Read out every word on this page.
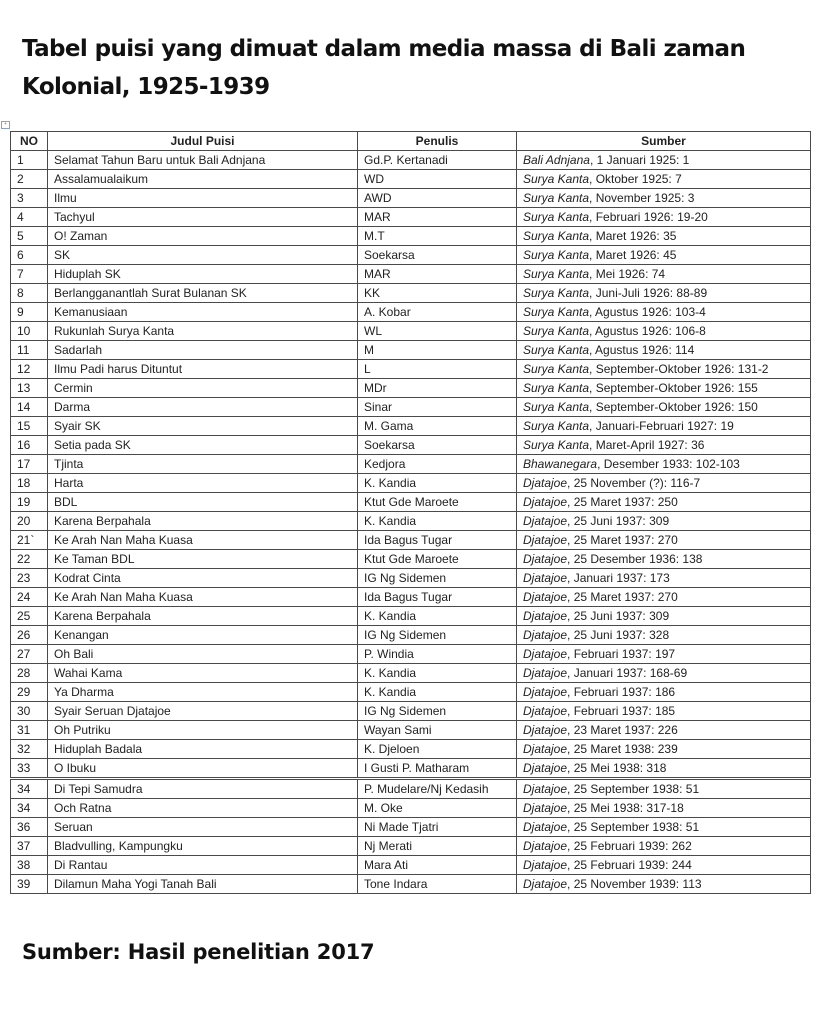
Tabel puisi yang dimuat dalam media massa di Bali zaman Kolonial, 1925-1939
+
NO	Judul Puisi	Penulis	Sumber
1	Selamat Tahun Baru untuk Bali Adnjana	Gd.P. Kertanadi	Bali Adnjana, 1 Januari 1925: 1
2	Assalamualaikum	WD	Surya Kanta, Oktober 1925: 7
3	Ilmu	AWD	Surya Kanta, November 1925: 3
4	Tachyul	MAR	Surya Kanta, Februari 1926: 19-20
5	O! Zaman	M.T	Surya Kanta, Maret 1926: 35
6	SK	Soekarsa	Surya Kanta, Maret 1926: 45
7	Hiduplah SK	MAR	Surya Kanta, Mei 1926: 74
8	Berlangganantlah Surat Bulanan SK	KK	Surya Kanta, Juni-Juli 1926: 88-89
9	Kemanusiaan	A. Kobar	Surya Kanta, Agustus 1926: 103-4
10	Rukunlah Surya Kanta	WL	Surya Kanta, Agustus 1926: 106-8
11	Sadarlah	M	Surya Kanta, Agustus 1926: 114
12	Ilmu Padi harus Dituntut	L	Surya Kanta, September-Oktober 1926: 131-2
13	Cermin	MDr	Surya Kanta, September-Oktober 1926: 155
14	Darma	Sinar	Surya Kanta, September-Oktober 1926: 150
15	Syair SK	M. Gama	Surya Kanta, Januari-Februari 1927: 19
16	Setia pada SK	Soekarsa	Surya Kanta, Maret-April 1927: 36
17	Tjinta	Kedjora	Bhawanegara, Desember 1933: 102-103
18	Harta	K. Kandia	Djatajoe, 25 November (?): 116-7
19	BDL	Ktut Gde Maroete	Djatajoe, 25 Maret 1937: 250
20	Karena Berpahala	K. Kandia	Djatajoe, 25 Juni 1937: 309
21`	Ke Arah Nan Maha Kuasa	Ida Bagus Tugar	Djatajoe, 25 Maret 1937: 270
22	Ke Taman BDL	Ktut Gde Maroete	Djatajoe, 25 Desember 1936: 138
23	Kodrat Cinta	IG Ng Sidemen	Djatajoe, Januari 1937: 173
24	Ke Arah Nan Maha Kuasa	Ida Bagus Tugar	Djatajoe, 25 Maret 1937: 270
25	Karena Berpahala	K. Kandia	Djatajoe, 25 Juni 1937: 309
26	Kenangan	IG Ng Sidemen	Djatajoe, 25 Juni 1937: 328
27	Oh Bali	P. Windia	Djatajoe, Februari 1937: 197
28	Wahai Kama	K. Kandia	Djatajoe, Januari 1937: 168-69
29	Ya Dharma	K. Kandia	Djatajoe, Februari 1937: 186
30	Syair Seruan Djatajoe	IG Ng Sidemen	Djatajoe, Februari 1937: 185
31	Oh Putriku	Wayan Sami	Djatajoe, 23 Maret 1937: 226
32	Hiduplah Badala	K. Djeloen	Djatajoe, 25 Maret 1938: 239
33	O Ibuku	I Gusti P. Matharam	Djatajoe, 25 Mei 1938: 318
34	Di Tepi Samudra	P. Mudelare/Nj Kedasih	Djatajoe, 25 September 1938: 51
34	Och Ratna	M. Oke	Djatajoe, 25 Mei 1938: 317-18
36	Seruan	Ni Made Tjatri	Djatajoe, 25 September 1938: 51
37	Bladvulling, Kampungku	Nj Merati	Djatajoe, 25 Februari 1939: 262
38	Di Rantau	Mara Ati	Djatajoe, 25 Februari 1939: 244
39	Dilamun Maha Yogi Tanah Bali	Tone Indara	Djatajoe, 25 November 1939: 113
Sumber: Hasil penelitian 2017
